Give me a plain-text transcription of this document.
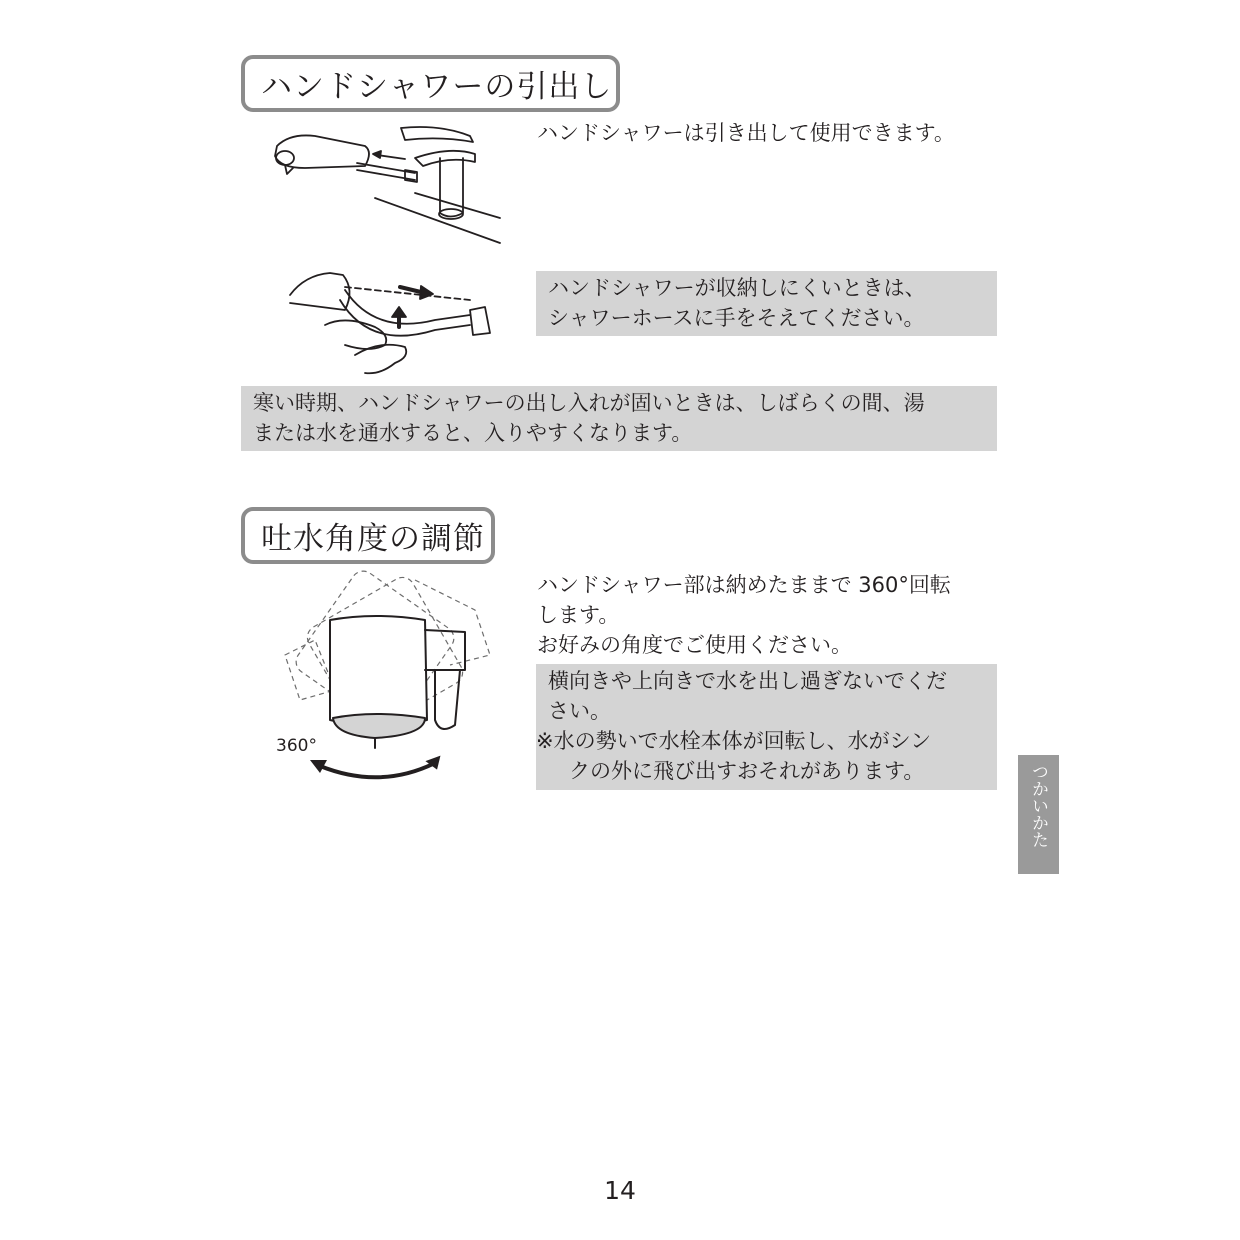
ハンドシャワーの引出し
ハンドシャワーは引き出して使用できます。
ハンドシャワーが収納しにくいときは、
シャワーホースに手をそえてください。
寒い時期、ハンドシャワーの出し入れが固いときは、しばらくの間、湯
または水を通水すると、入りやすくなります。
吐水角度の調節
360°
ハンドシャワー部は納めたままで 360°回転
します。
お好みの角度でご使用ください。
横向きや上向きで水を出し過ぎないでくだ
さい。
※水の勢いで水栓本体が回転し、水がシン
　クの外に飛び出すおそれがあります。	つかいかた
14
